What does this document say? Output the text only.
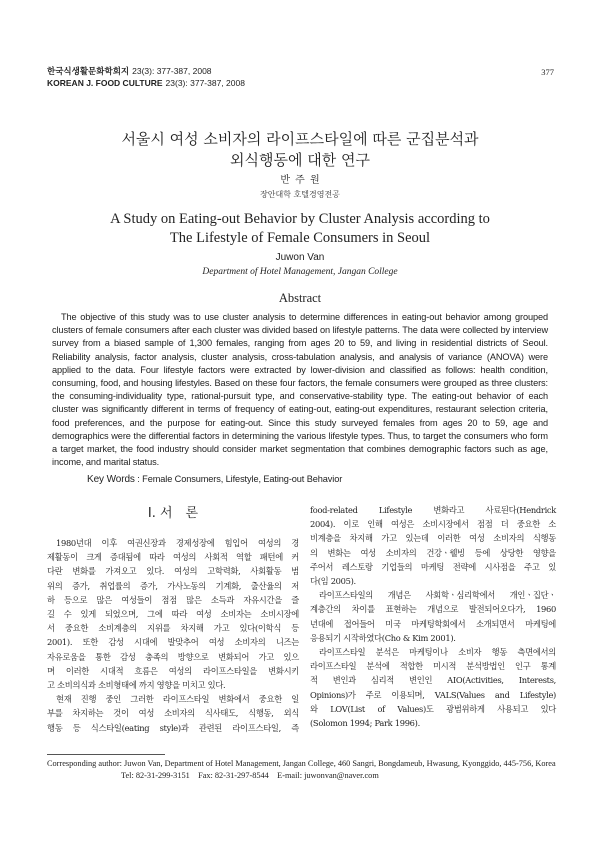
한국식생활문화학회지 23(3): 377-387, 2008
KOREAN J. FOOD CULTURE 23(3): 377-387, 2008
377
서울시 여성 소비자의 라이프스타일에 따른 군집분석과
외식행동에 대한 연구
반 주 원
장안대학 호텔경영전공
A Study on Eating-out Behavior by Cluster Analysis according to
The Lifestyle of Female Consumers in Seoul
Juwon Van
Department of Hotel Management, Jangan College
Abstract
The objective of this study was to use cluster analysis to determine differences in eating-out behavior among grouped
clusters of female consumers after each cluster was divided based on lifestyle patterns. The data were collected by interview
survey from a biased sample of 1,300 females, ranging from ages 20 to 59, and living in residential districts of Seoul.
Reliability analysis, factor analysis, cluster analysis, cross-tabulation analysis, and analysis of variance (ANOVA) were
applied to the data. Four lifestyle factors were extracted by lower-division and classified as follows: health condition,
consuming, food, and housing lifestyles. Based on these four factors, the female consumers were grouped as three clusters:
the consuming-individuality type, rational-pursuit type, and conservative-stability type. The eating-out behavior of each
cluster was significantly different in terms of frequency of eating-out, eating-out expenditures, restaurant selection criteria,
food preferences, and the purpose for eating-out. Since this study surveyed females from ages 20 to 59, age and
demographics were the differential factors in determining the various lifestyle types. Thus, to target the consumers who form
a target market, the food industry should consider market segmentation that combines demographic factors such as age,
income, and marital status.
Key Words : Female Consumers, Lifestyle, Eating-out Behavior
I. 서　론
1980년대 이후 여권신장과 경제성장에 힘입어 여성의 경
제활동이 크게 증대됨에 따라 여성의 사회적 역할 패턴에 커
다란 변화를 가져오고 있다. 여성의 고학력화, 사회활동 범
위의 증가, 취업률의 증가, 가사노동의 기계화, 출산율의 저
하 등으로 많은 여성들이 점점 많은 소득과 자유시간을 즐
길 수 있게 되었으며, 그에 따라 여성 소비자는 소비시장에
서 중요한 소비계층의 지위를 차지해 가고 있다(이학식 등
2001). 또한 감성 시대에 발맞추어 여성 소비자의 니즈는
자유로움을 통한 감성 충족의 방향으로 변화되어 가고 있으
며 이러한 시대적 흐름은 여성의 라이프스타일을 변화시키
고 소비의식과 소비형태에 까지 영향을 미치고 있다.
현재 진행 중인 그러한 라이프스타일 변화에서 중요한 일
부를 차지하는 것이 여성 소비자의 식사태도, 식행동, 외식
행동 등 식스타일(eating style)과 관련된 라이프스타일, 즉
food-related Lifestyle 변화라고 사료된다(Hendrick
2004). 이로 인해 여성은 소비시장에서 점점 더 중요한 소
비계층을 차지해 가고 있는데 이러한 여성 소비자의 식행동
의 변화는 여성 소비자의 건강ㆍ웰빙 등에 상당한 영향을
주어서 레스토랑 기업들의 마케팅 전략에 시사점을 주고 있
다(임 2005).
라이프스타일의 개념은 사회학ㆍ심리학에서 개인ㆍ집단ㆍ
계층간의 차이를 표현하는 개념으로 발전되어오다가, 1960
년대에 접어들어 미국 마케팅학회에서 소개되면서 마케팅에
응용되기 시작하였다(Cho & Kim 2001).
라이프스타일 분석은 마케팅이나 소비자 행동 측면에서의
라이프스타일 분석에 적합한 미시적 분석방법인 인구 통계
적 변인과 심리적 변인인 AIO(Activities, Interests,
Opinions)가 주로 이용되며, VALS(Values and Lifestyle)
와 LOV(List of Values)도 광범위하게 사용되고 있다
(Solomon 1994; Park 1996).
Corresponding author: Juwon Van, Department of Hotel Management, Jangan College, 460 Sangri, Bongdameub, Hwasung, Kyonggido, 445-756, Korea
Tel: 82-31-299-3151 Fax: 82-31-297-8544 E-mail: juwonvan@naver.com
